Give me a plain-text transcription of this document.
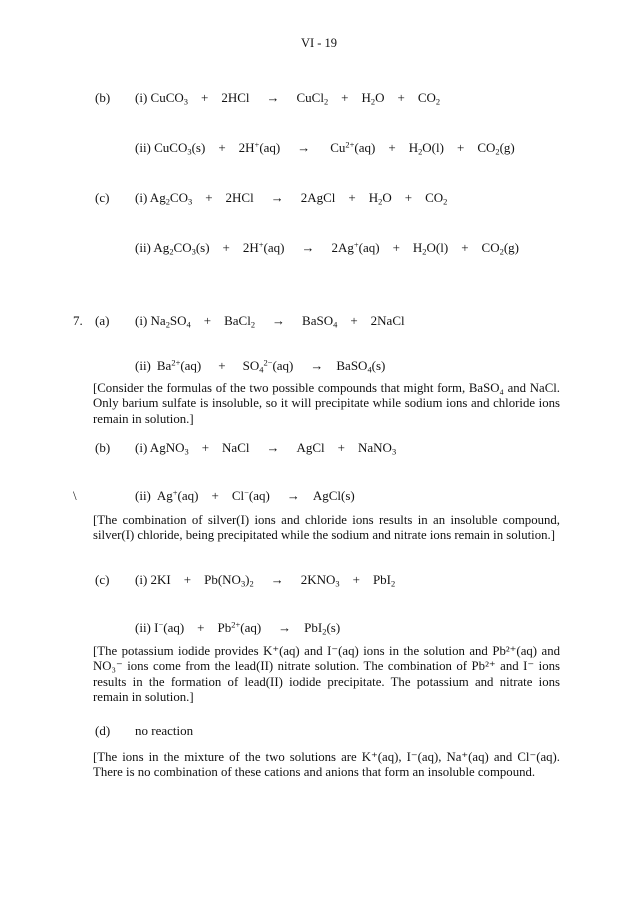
VI - 19
(b) (i) CuCO$_3$ + 2HCl → CuCl$_2$ + $H_2O + CO_2$
(ii) CuCO$_3$(s) + $2H^+(aq) \to Cu^{2+}(aq) + H_2O(l) + CO_2(g)$
(c) (i) $Ag_2CO_3 + 2HCl$ → 2AgCl + $H_2O + CO_2$
(ii) $Ag_2CO_3(s) + 2H^+(aq) \to 2Ag^+(aq) + H_2O(l) + CO_2(g)$
7. (a) (i) $Na_2SO_4$ + BaCl$_2$ → BaSO$_4$ + 2NaCl
(ii) $Ba^{2+}(aq) + SO_4^{2-}(aq)$ → BaSO$_4$(s)
[Consider the formulas of the two possible compounds that might form, BaSO₄ and NaCl. Only barium sulfate is insoluble, so it will precipitate while sodium ions and chloride ions remain in solution.]
(b) (i) AgNO$_3$ + NaCl → AgCl + NaNO$_3$
\	(ii) Ag+(aq) + Cl−(aq) → AgCl(s)
[The combination of silver(I) ions and chloride ions results in an insoluble compound, silver(I) chloride, being precipitated while the sodium and nitrate ions remain in solution.]
(c) (i) $2KI + Pb(NO_3)_2 \to 2KNO_3 + PbI_2$
(ii) $I^-(aq) + Pb^{2+}(aq) \to PbI_2(s)$
[The potassium iodide provides K⁺(aq) and I⁻(aq) ions in the solution and Pb²⁺(aq) and NO₃⁻ ions come from the lead(II) nitrate solution. The combination of Pb²⁺ and I⁻ ions results in the formation of lead(II) iodide precipitate. The potassium and nitrate ions remain in solution.]
(d) no reaction
[The ions in the mixture of the two solutions are K⁺(aq), I⁻(aq), Na⁺(aq) and Cl⁻(aq). There is no combination of these cations and anions that form an insoluble compound.
